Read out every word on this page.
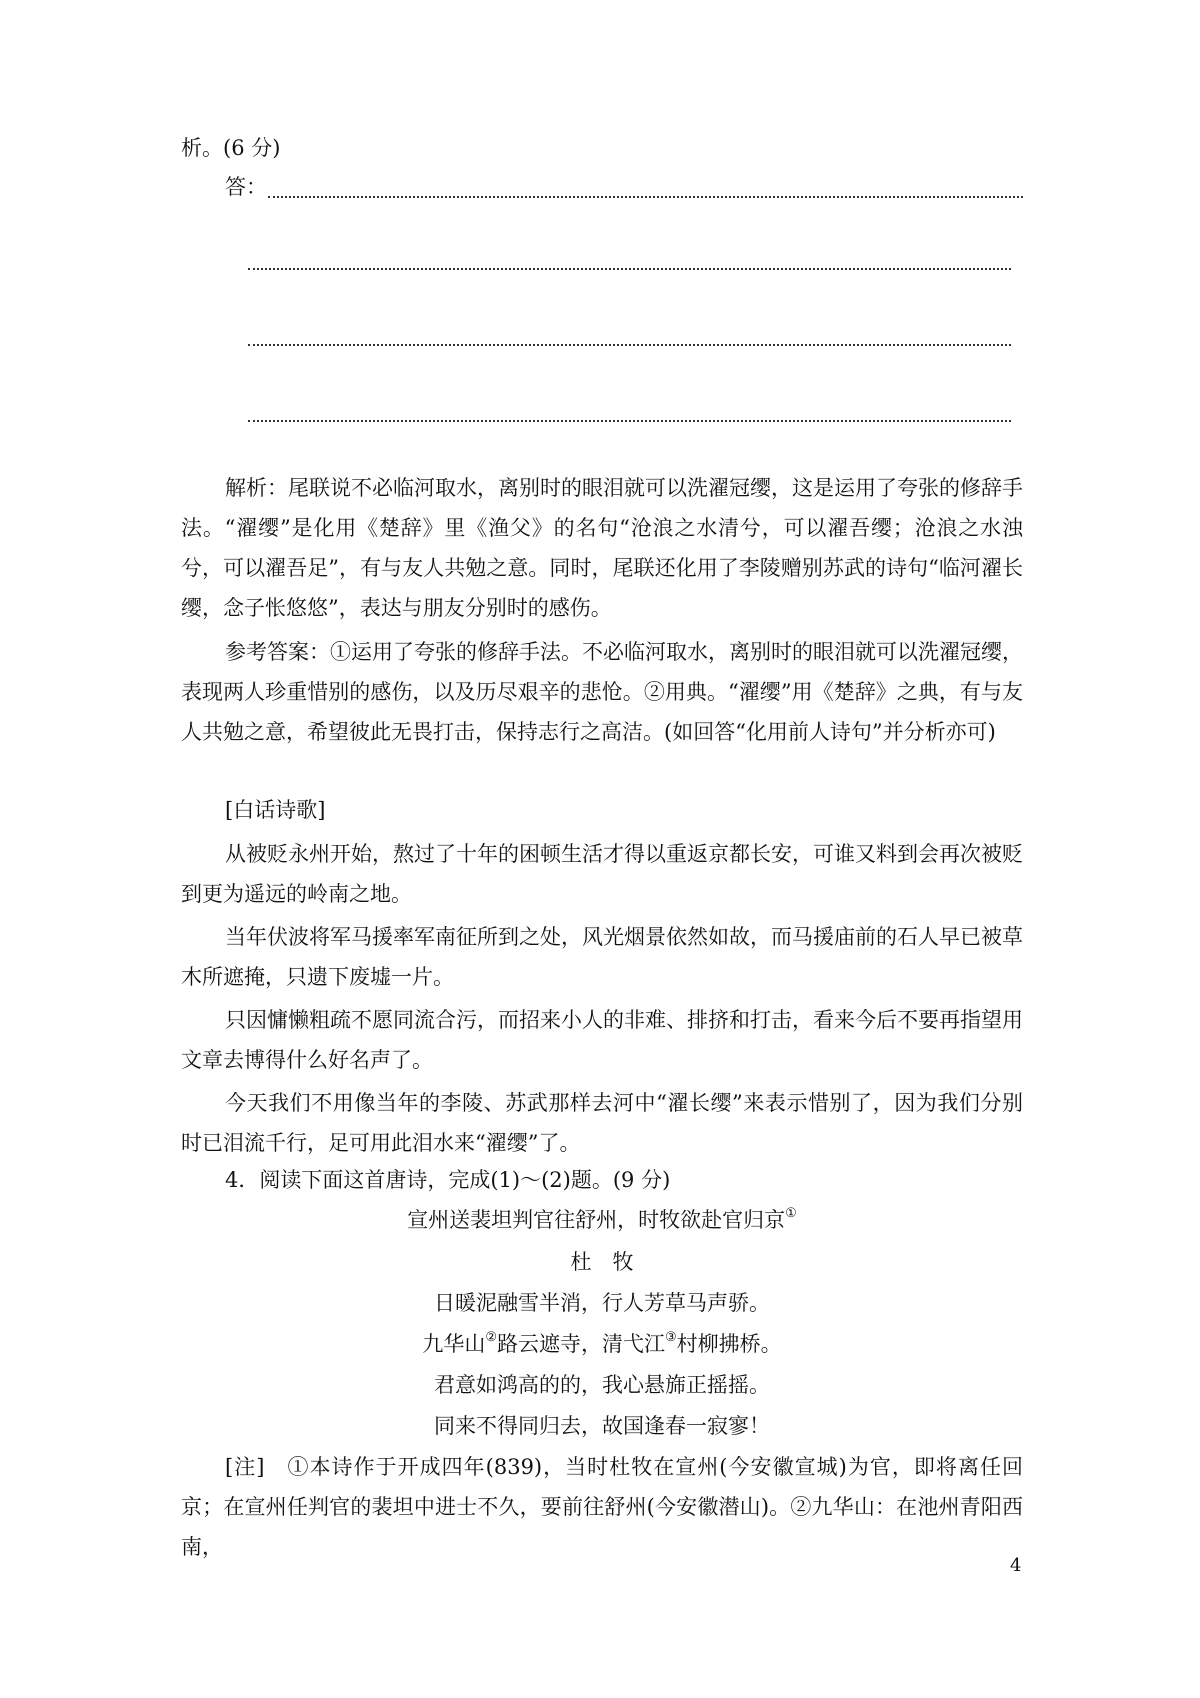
析。(6 分)
答：

解析：尾联说不必临河取水，离别时的眼泪就可以洗濯冠缨，这是运用了夸张的修辞手法。“濯缨”是化用《楚辞》里《渔父》的名句“沧浪之水清兮，可以濯吾缨；沧浪之水浊兮，可以濯吾足”，有与友人共勉之意。同时，尾联还化用了李陵赠别苏武的诗句“临河濯长缨，念子怅悠悠”，表达与朋友分别时的感伤。

参考答案：①运用了夸张的修辞手法。不必临河取水，离别时的眼泪就可以洗濯冠缨，表现两人珍重惜别的感伤，以及历尽艰辛的悲怆。②用典。“濯缨”用《楚辞》之典，有与友人共勉之意，希望彼此无畏打击，保持志行之高洁。(如回答“化用前人诗句”并分析亦可)

[白话诗歌]

从被贬永州开始，熬过了十年的困顿生活才得以重返京都长安，可谁又料到会再次被贬到更为遥远的岭南之地。

当年伏波将军马援率军南征所到之处，风光烟景依然如故，而马援庙前的石人早已被草木所遮掩，只遗下废墟一片。

只因慵懒粗疏不愿同流合污，而招来小人的非难、排挤和打击，看来今后不要再指望用文章去博得什么好名声了。

今天我们不用像当年的李陵、苏武那样去河中“濯长缨”来表示惜别了，因为我们分别时已泪流千行，足可用此泪水来“濯缨”了。

4．阅读下面这首唐诗，完成(1)～(2)题。(9 分)
宣州送裴坦判官往舒州，时牧欲赴官归京①
杜　牧
日暖泥融雪半消，行人芳草马声骄。
九华山②路云遮寺，清弋江③村柳拂桥。
君意如鸿高的的，我心悬旆正摇摇。
同来不得同归去，故国逢春一寂寥！

[注]　①本诗作于开成四年(839)，当时杜牧在宣州(今安徽宣城)为官，即将离任回京；在宣州任判官的裴坦中进士不久，要前往舒州(今安徽潜山)。②九华山：在池州青阳西南，

4
